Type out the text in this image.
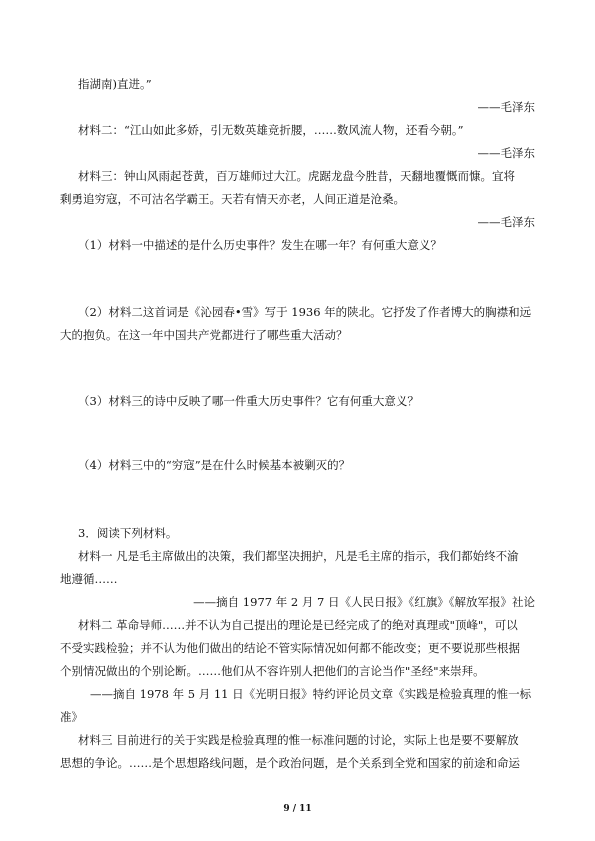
指湖南)直进。”
——毛泽东
材料二：“江山如此多娇，引无数英雄竞折腰，……数风流人物，还看今朝。”
——毛泽东
材料三：钟山风雨起苍黄，百万雄师过大江。虎踞龙盘今胜昔，天翻地覆慨而慷。宜将
剩勇追穷寇，不可沽名学霸王。天若有情天亦老，人间正道是沧桑。
——毛泽东
（1）材料一中描述的是什么历史事件？发生在哪一年？有何重大意义？
（2）材料二这首词是《沁园春•雪》写于 1936 年的陕北。它抒发了作者博大的胸襟和远
大的抱负。在这一年中国共产党都进行了哪些重大活动？
（3）材料三的诗中反映了哪一件重大历史事件？它有何重大意义？
（4）材料三中的“穷寇”是在什么时候基本被剿灭的？
3．阅读下列材料。
材料一 凡是毛主席做出的决策，我们都坚决拥护，凡是毛主席的指示，我们都始终不渝
地遵循……
——摘自 1977 年 2 月 7 日《人民日报》《红旗》《解放军报》社论
材料二 革命导师……并不认为自己提出的理论是已经完成了的绝对真理或"顶峰"，可以
不受实践检验；并不认为他们做出的结论不管实际情况如何都不能改变；更不要说那些根据
个别情况做出的个别论断。……他们从不容许别人把他们的言论当作"圣经"来崇拜。
——摘自 1978 年 5 月 11 日《光明日报》特约评论员文章《实践是检验真理的惟一标
准》
材料三 目前进行的关于实践是检验真理的惟一标准问题的讨论，实际上也是要不要解放
思想的争论。……是个思想路线问题，是个政治问题，是个关系到全党和国家的前途和命运
9 / 11
